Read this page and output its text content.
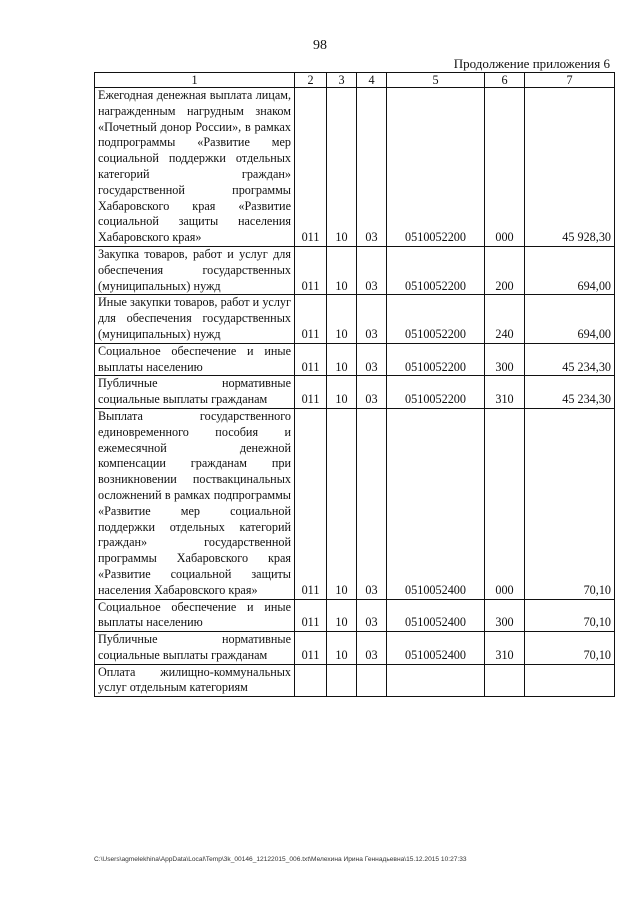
98
Продолжение приложения 6
1	2	3	4	5	6	7
Ежегодная денежная выплата лицам, награжденным нагрудным знаком «Почетный донор России», в рамках подпрограммы «Развитие мер социальной поддержки отдельных категорий граждан» государственной программы Хабаровского края «Развитие социальной защиты населения Хабаровского края»	011	10	03	0510052200	000	45 928,30
Закупка товаров, работ и услуг для обеспечения государственных (муниципальных) нужд	011	10	03	0510052200	200	694,00
Иные закупки товаров, работ и услуг для обеспечения государственных (муниципальных) нужд	011	10	03	0510052200	240	694,00
Социальное обеспечение и иные выплаты населению	011	10	03	0510052200	300	45 234,30
Публичные нормативные социальные выплаты гражданам	011	10	03	0510052200	310	45 234,30
Выплата государственного единовременного пособия и ежемесячной денежной компенсации гражданам при возникновении поствакцинальных осложнений в рамках подпрограммы «Развитие мер социальной поддержки отдельных категорий граждан» государственной программы Хабаровского края «Развитие социальной защиты населения Хабаровского края»	011	10	03	0510052400	000	70,10
Социальное обеспечение и иные выплаты населению	011	10	03	0510052400	300	70,10
Публичные нормативные социальные выплаты гражданам	011	10	03	0510052400	310	70,10
Оплата жилищно-коммунальных услуг отдельным категориям						
C:\Users\agmelekhina\AppData\Local\Temp\3k_00146_12122015_006.txt\Мелехина Ирина Геннадьевна\15.12.2015 10:27:33
